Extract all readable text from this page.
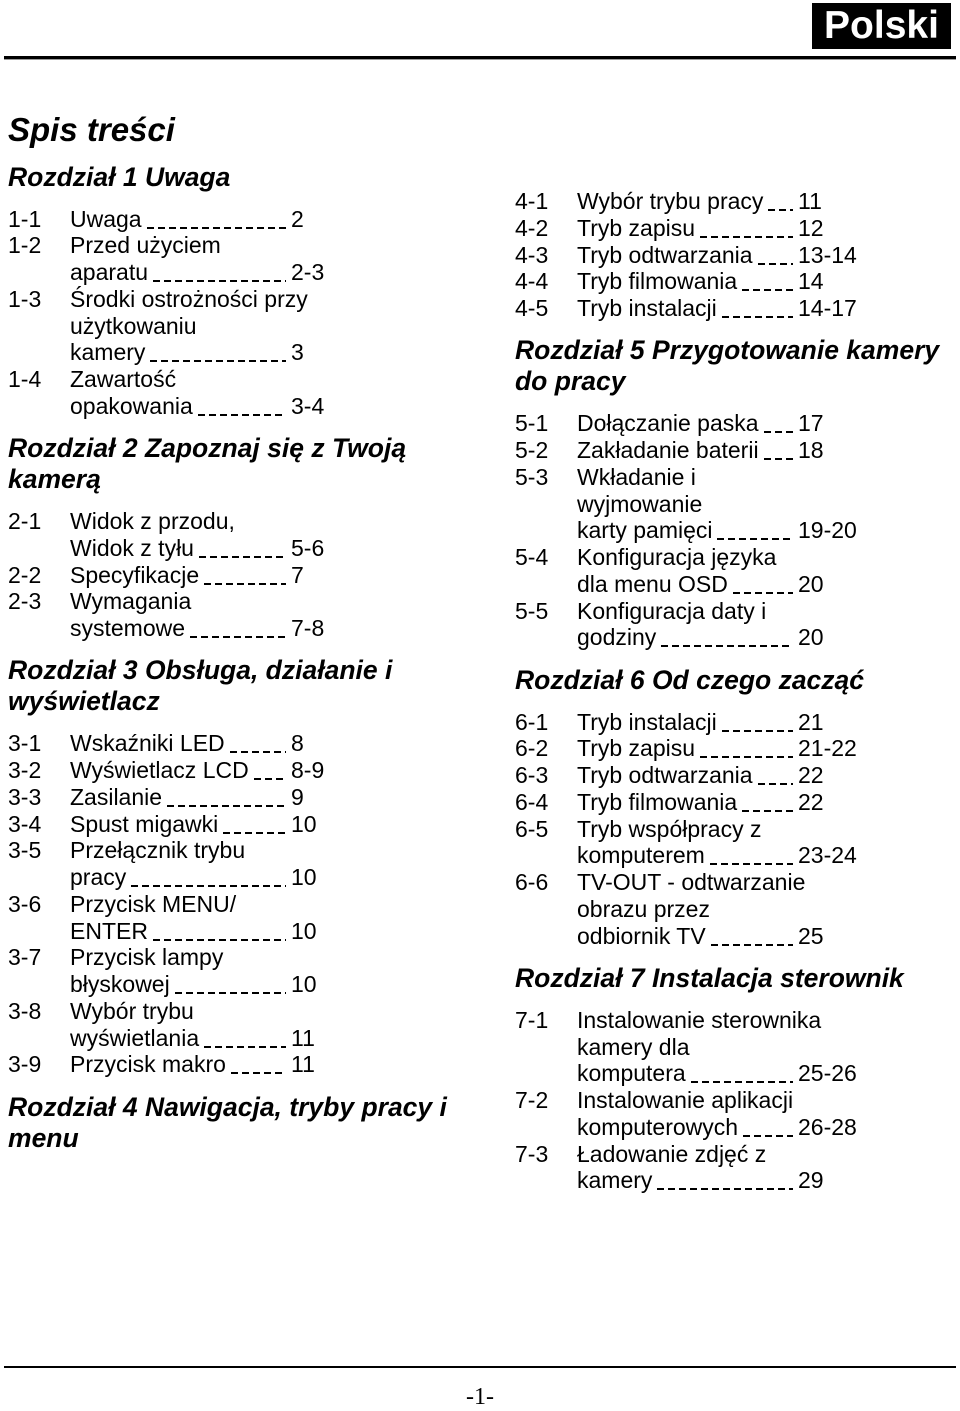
Polski
Spis treści
Rozdział 1 Uwaga
1-1	Uwaga	2
1-2	Przed użyciem
aparatu	2-3
1-3	Środki ostrożności przy
użytkowaniu
kamery	3
1-4	Zawartość
opakowania	3-4
Rozdział 2 Zapoznaj się z Twoją
kamerą
2-1	Widok z przodu,
Widok z tyłu	5-6
2-2	Specyfikacje	7
2-3	Wymagania
systemowe	7-8
Rozdział 3 Obsługa, działanie i
wyświetlacz
3-1	Wskaźniki LED	8
3-2	Wyświetlacz LCD 8-9
3-3	Zasilanie	9
3-4	Spust migawki	10
3-5	Przełącznik trybu
pracy	10
3-6	Przycisk MENU/
ENTER	10
3-7	Przycisk lampy
błyskowej	10
3-8	Wybór trybu
wyświetlania	11
3-9	Przycisk makro	11
Rozdział 4 Nawigacja, tryby pracy i
menu
4-1	Wybór trybu pracy 11
4-2	Tryb zapisu	12
4-3	Tryb odtwarzania 13-14
4-4	Tryb filmowania	14
4-5	Tryb instalacji	14-17
Rozdział 5 Przygotowanie kamery
do pracy
5-1	Dołączanie paska 17
5-2	Zakładanie baterii 18
5-3	Wkładanie i
wyjmowanie
karty pamięci	19-20
5-4	Konfiguracja języka
dla menu OSD	20
5-5	Konfiguracja daty i
godziny	20
Rozdział 6 Od czego zacząć
6-1	Tryb instalacji	21
6-2	Tryb zapisu	21-22
6-3	Tryb odtwarzania 22
6-4	Tryb filmowania	22
6-5	Tryb współpracy z
komputerem	23-24
6-6	TV-OUT - odtwarzanie
obrazu przez
odbiornik TV	25
Rozdział 7 Instalacja sterownik
7-1	Instalowanie sterownika
kamery dla
komputera	25-26
7-2	Instalowanie aplikacji
komputerowych	26-28
7-3	Ładowanie zdjęć z
kamery	29
-1-
